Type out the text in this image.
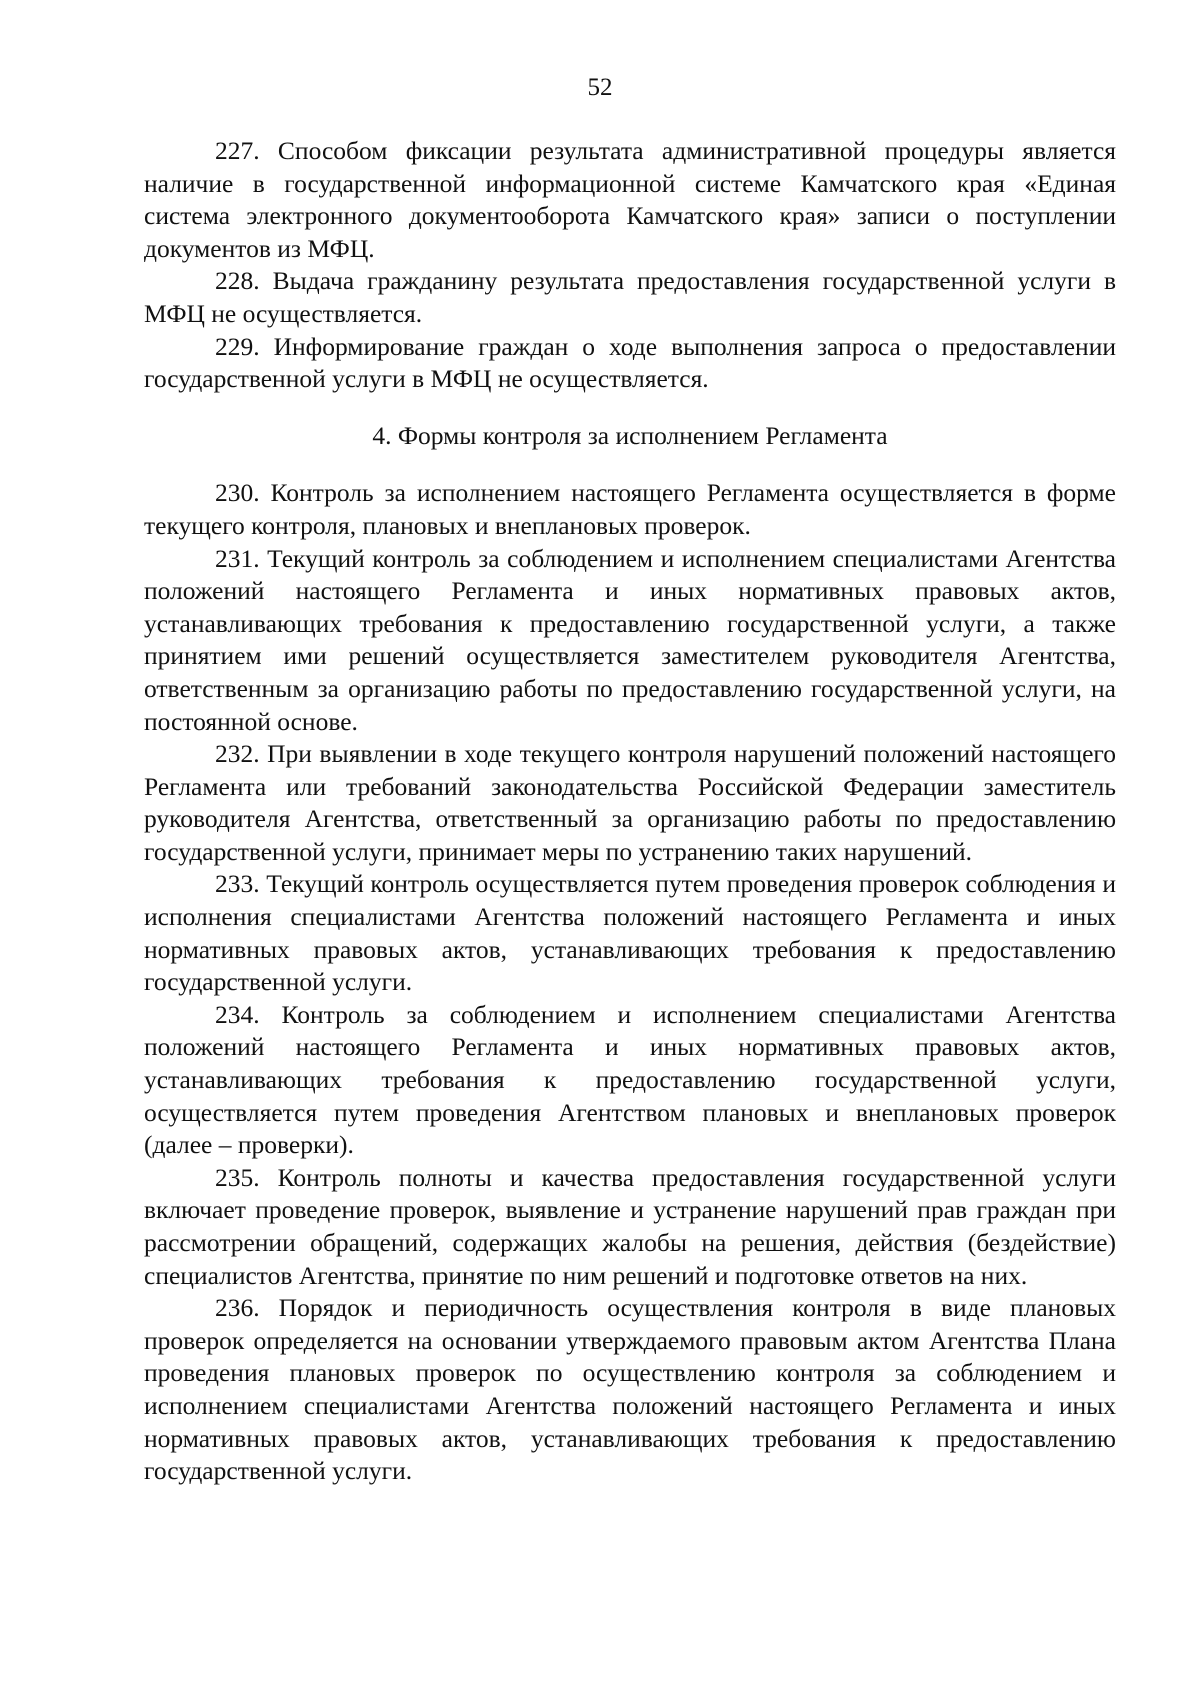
52

227. Способом фиксации результата административной процедуры является наличие в государственной информационной системе Камчатского края «Единая система электронного документооборота Камчатского края» записи о поступлении документов из МФЦ.

228. Выдача гражданину результата предоставления государственной услуги в МФЦ не осуществляется.

229. Информирование граждан о ходе выполнения запроса о предоставлении государственной услуги в МФЦ не осуществляется.

4. Формы контроля за исполнением Регламента

230. Контроль за исполнением настоящего Регламента осуществляется в форме текущего контроля, плановых и внеплановых проверок.

231. Текущий контроль за соблюдением и исполнением специалистами Агентства положений настоящего Регламента и иных нормативных правовых актов, устанавливающих требования к предоставлению государственной услуги, а также принятием ими решений осуществляется заместителем руководителя Агентства, ответственным за организацию работы по предоставлению государственной услуги, на постоянной основе.

232. При выявлении в ходе текущего контроля нарушений положений настоящего Регламента или требований законодательства Российской Федерации заместитель руководителя Агентства, ответственный за организацию работы по предоставлению государственной услуги, принимает меры по устранению таких нарушений.

233. Текущий контроль осуществляется путем проведения проверок соблюдения и исполнения специалистами Агентства положений настоящего Регламента и иных нормативных правовых актов, устанавливающих требования к предоставлению государственной услуги.

234. Контроль за соблюдением и исполнением специалистами Агентства положений настоящего Регламента и иных нормативных правовых актов, устанавливающих требования к предоставлению государственной услуги, осуществляется путем проведения Агентством плановых и внеплановых проверок (далее – проверки).

235. Контроль полноты и качества предоставления государственной услуги включает проведение проверок, выявление и устранение нарушений прав граждан при рассмотрении обращений, содержащих жалобы на решения, действия (бездействие) специалистов Агентства, принятие по ним решений и подготовке ответов на них.

236. Порядок и периодичность осуществления контроля в виде плановых проверок определяется на основании утверждаемого правовым актом Агентства Плана проведения плановых проверок по осуществлению контроля за соблюдением и исполнением специалистами Агентства положений настоящего Регламента и иных нормативных правовых актов, устанавливающих требования к предоставлению государственной услуги.
